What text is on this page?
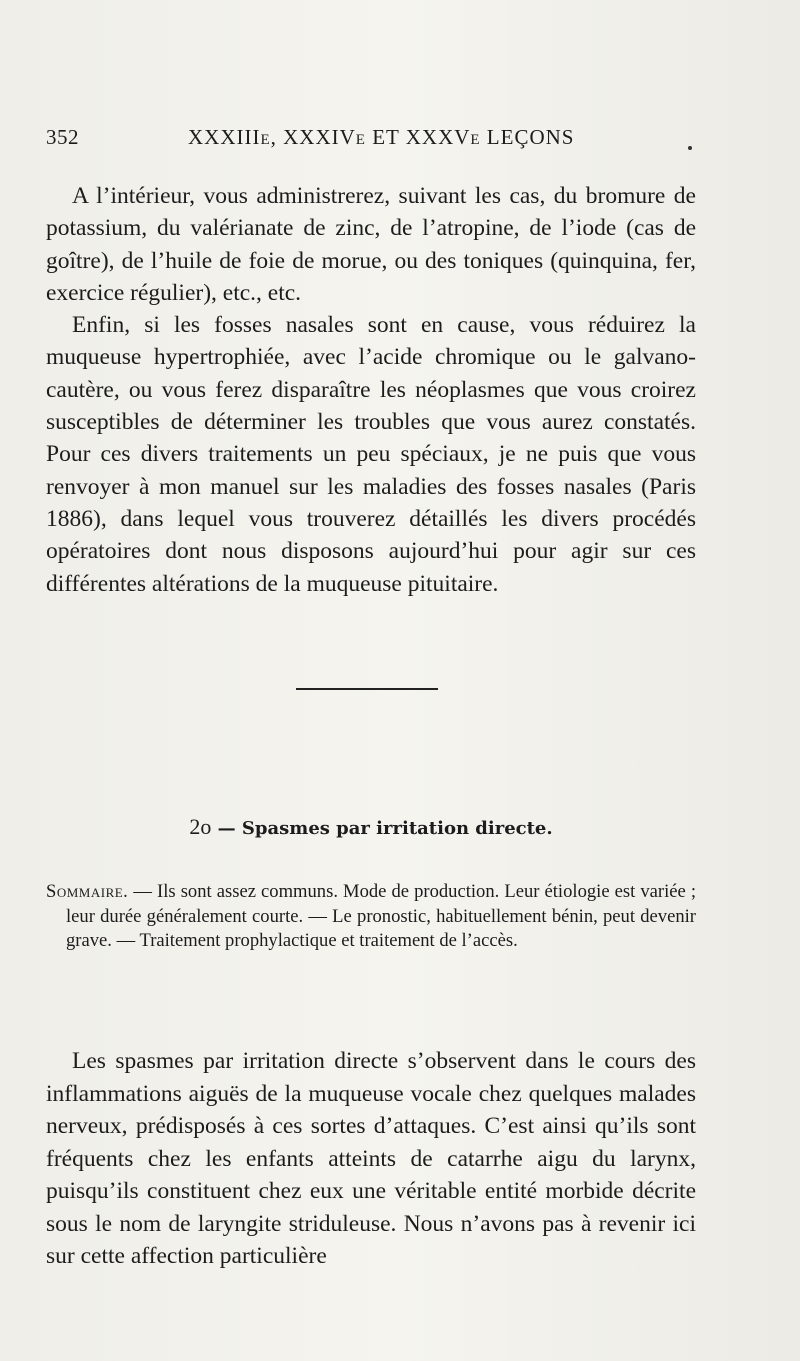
352	XXXIIIe, XXXIVe ET XXXVe LEÇONS

A l’intérieur, vous administrerez, suivant les cas, du bromure de potassium, du valérianate de zinc, de l’atropine, de l’iode (cas de goître), de l’huile de foie de morue, ou des toniques (quinquina, fer, exercice régulier), etc., etc.

Enfin, si les fosses nasales sont en cause, vous réduirez la muqueuse hypertrophiée, avec l’acide chromique ou le galvano-cautère, ou vous ferez disparaître les néoplasmes que vous croirez susceptibles de déterminer les troubles que vous aurez constatés. Pour ces divers traitements un peu spéciaux, je ne puis que vous renvoyer à mon manuel sur les maladies des fosses nasales (Paris 1886), dans lequel vous trouverez détaillés les divers procédés opératoires dont nous disposons aujourd’hui pour agir sur ces différentes altérations de la muqueuse pituitaire.

2o — Spasmes par irritation directe.
Sommaire. — Ils sont assez communs. Mode de production. Leur étiologie est variée ; leur durée généralement courte. — Le pronostic, habituellement bénin, peut devenir grave. — Traitement prophylactique et traitement de l’accès.

Les spasmes par irritation directe s’observent dans le cours des inflammations aiguës de la muqueuse vocale chez quelques malades nerveux, prédisposés à ces sortes d’attaques. C’est ainsi qu’ils sont fréquents chez les enfants atteints de catarrhe aigu du larynx, puisqu’ils constituent chez eux une véritable entité morbide décrite sous le nom de laryngite striduleuse. Nous n’avons pas à revenir ici sur cette affection particulière
